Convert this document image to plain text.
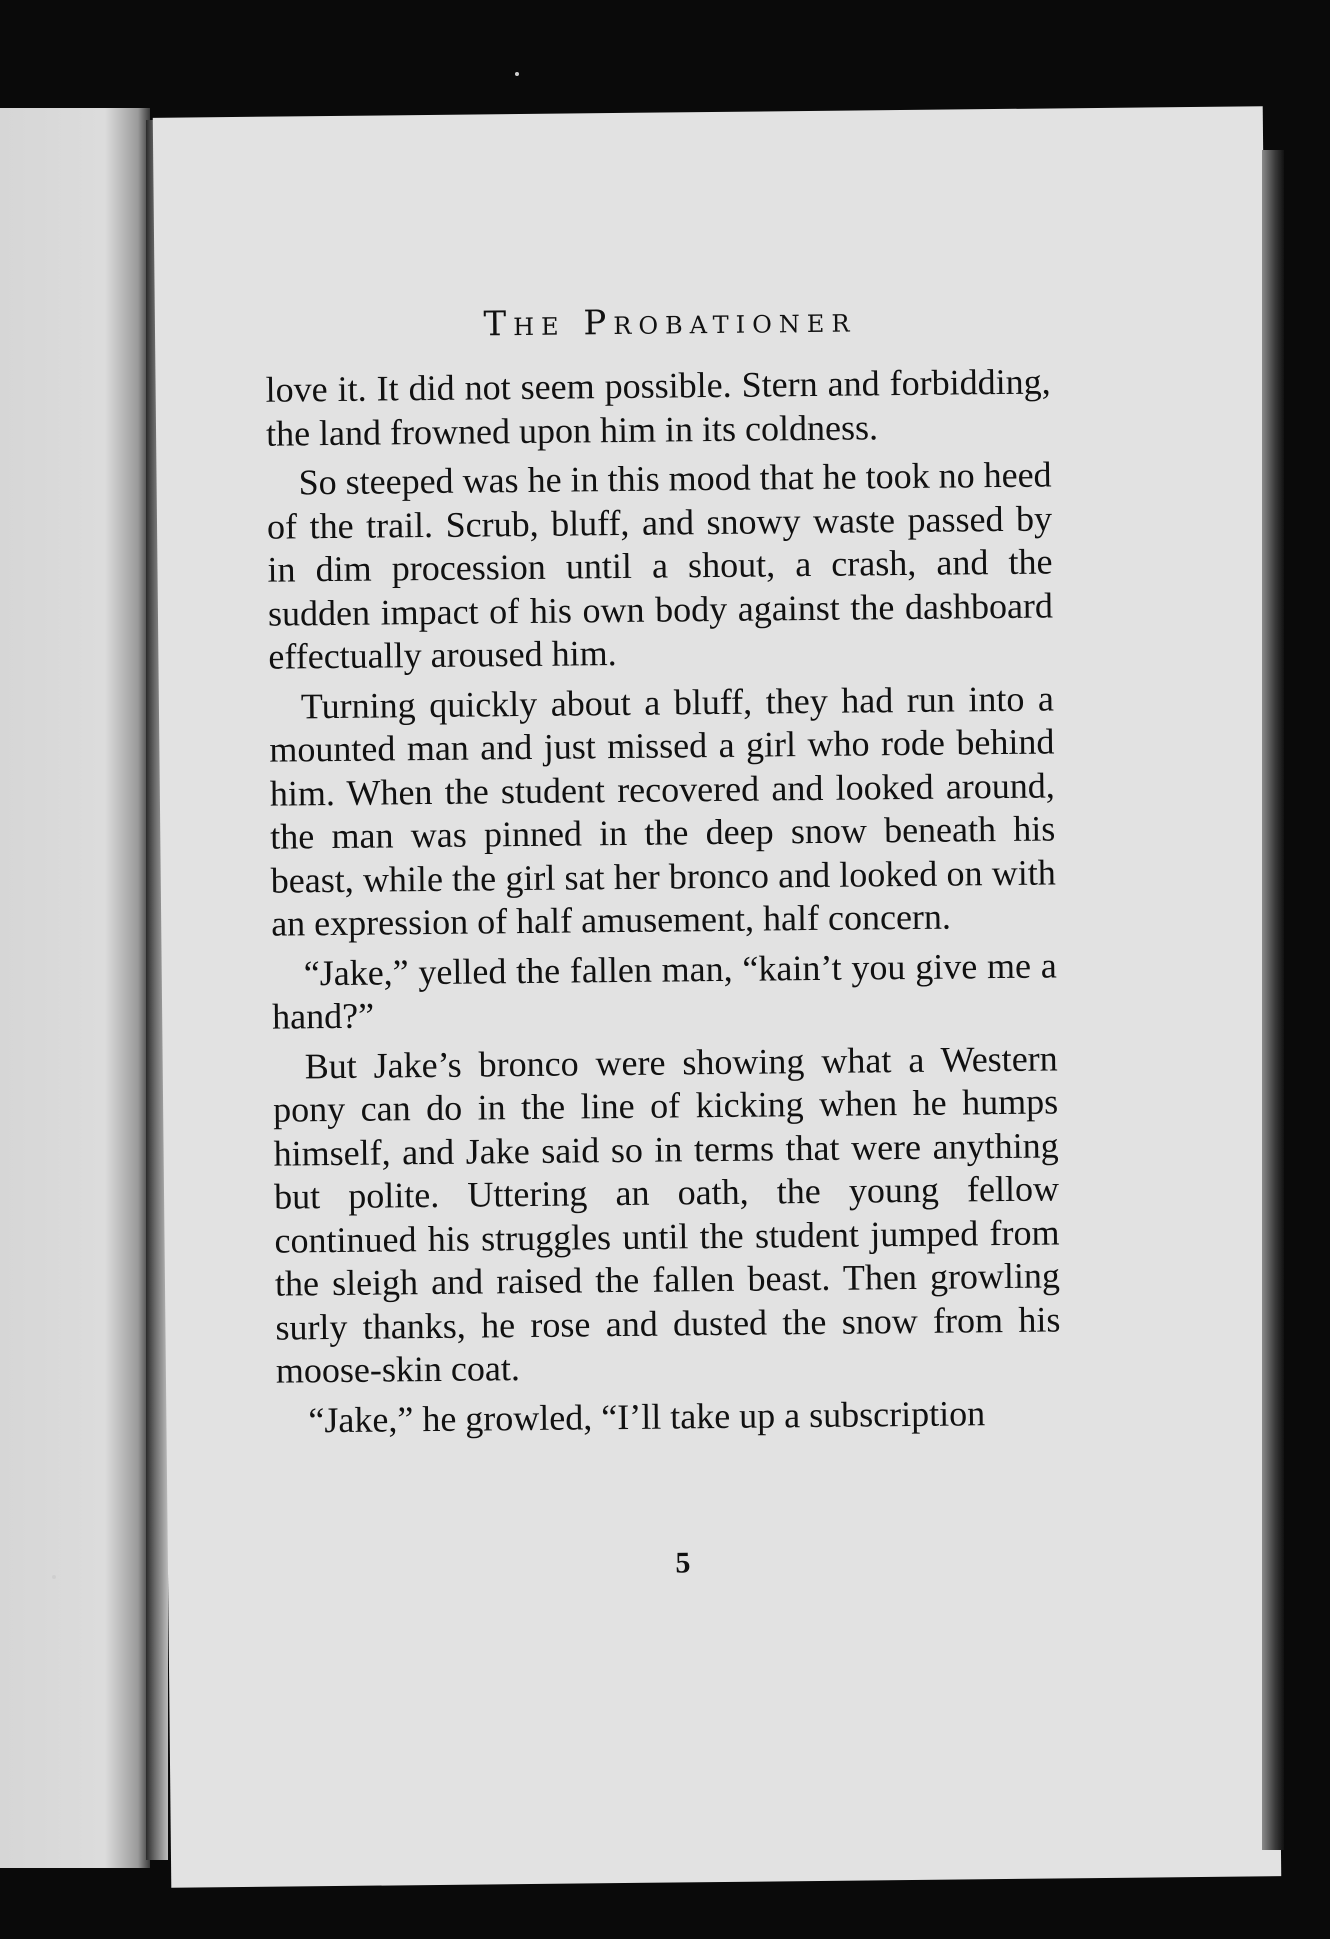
The Probationer

love it. It did not seem possible. Stern and forbidding, the land frowned upon him in its coldness.

So steeped was he in this mood that he took no heed of the trail. Scrub, bluff, and snowy waste passed by in dim procession until a shout, a crash, and the sudden impact of his own body against the dashboard effectually aroused him.

Turning quickly about a bluff, they had run into a mounted man and just missed a girl who rode behind him. When the student recovered and looked around, the man was pinned in the deep snow beneath his beast, while the girl sat her bronco and looked on with an expression of half amusement, half concern.

“Jake,” yelled the fallen man, “kain’t you give me a hand?”

But Jake’s bronco were showing what a Western pony can do in the line of kicking when he humps himself, and Jake said so in terms that were anything but polite. Uttering an oath, the young fellow continued his struggles until the student jumped from the sleigh and raised the fallen beast. Then growling surly thanks, he rose and dusted the snow from his moose-skin coat.

“Jake,” he growled, “I’ll take up a subscription

5
